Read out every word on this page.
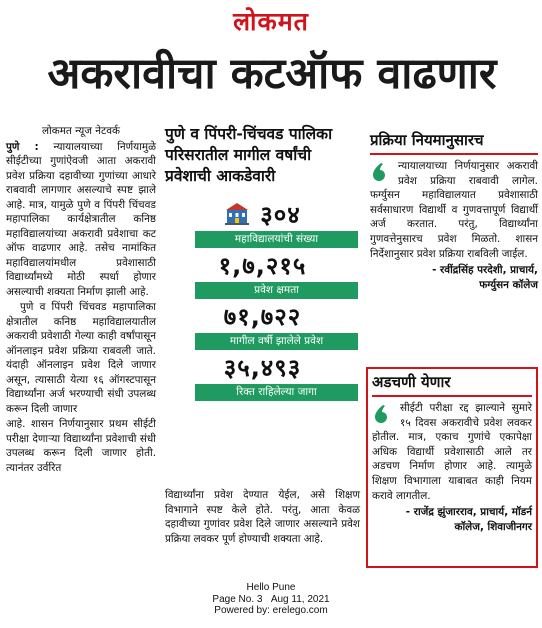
लोकमत
अकरावीचा कटऑफ वाढणार
लोकमत न्यूज नेटवर्क

पुणे : न्यायालयाच्या निर्णयामुळे सीईटीच्या गुणांऐवजी आता अकरावी प्रवेश प्रक्रिया दहावीच्या गुणांच्या आधारे राबवावी लागणार असल्याचे स्पष्ट झाले आहे. मात्र, यामुळे पुणे व पिंपरी चिंचवड महापालिका कार्यक्षेत्रातील कनिष्ठ महाविद्यालयांच्या अकरावी प्रवेशाचा कट ऑफ वाढणार आहे. तसेच नामांकित महाविद्यालयांमधील प्रवेशासाठी विद्यार्थ्यांमध्ये मोठी स्पर्धा होणार असल्याची शक्यता निर्माण झाली आहे.

पुणे व पिंपरी चिंचवड महापालिका क्षेत्रातील कनिष्ठ महाविद्यालयातील अकरावी प्रवेशाठी गेल्या काही वर्षांपासून ऑनलाइन प्रवेश प्रक्रिया राबवली जाते. यंदाही ऑनलाइन प्रवेश दिले जाणार असून, त्यासाठी येत्या १६ ऑगस्टपासून विद्यार्थ्यांना अर्ज भरण्याची संधी उपलब्ध करून दिली जाणार

आहे. शासन निर्णयानुसार प्रथम सीईटी परीक्षा देणाऱ्या विद्यार्थ्यांना प्रवेशाची संधी उपलब्ध करून दिली जाणार होती. त्यानंतर उर्वरित

पुणे व पिंपरी-चिंचवड पालिका परिसरातील मागील वर्षांची प्रवेशाची आकडेवारी
३०४
महाविद्यालयांची संख्या
१,७,२१५
प्रवेश क्षमता
७१,७२२
मागील वर्षी झालेले प्रवेश
३५,४९३
रिक्त राहिलेल्या जागा
विद्यार्थ्यांना प्रवेश देण्यात येईल, असे शिक्षण विभागाने स्पष्ट केले होते. परंतु, आता केवळ दहावीच्या गुणांवर प्रवेश दिले जाणार असल्याने प्रवेश प्रक्रिया लवकर पूर्ण होण्याची शक्यता आहे.
प्रक्रिया नियमानुसारच
न्यायालयाच्या निर्णयानुसार अकरावी प्रवेश प्रक्रिया राबवावी लागेल. फर्ग्युसन महाविद्यालयात प्रवेशासाठी सर्वसाधारण विद्यार्थी व गुणवत्तापूर्ण विद्यार्थी अर्ज करतात. परंतु, विद्यार्थ्यांना गुणवत्तेनुसारच प्रवेश मिळतो. शासन निर्देशानुसार प्रवेश प्रक्रिया राबविली जाईल.
- रवींद्रसिंह परदेशी, प्राचार्य,
फर्ग्युसन कॉलेज
अडचणी येणार
सीईटी परीक्षा रद्द झाल्याने सुमारे १५ दिवस अकरावीचे प्रवेश लवकर होतील. मात्र, एकाच गुणांचे एकापेक्षा अधिक विद्यार्थी प्रवेशासाठी आले तर अडचण निर्माण होणार आहे. त्यामुळे शिक्षण विभागाला याबाबत काही नियम करावे लागतील.
- राजेंद्र झुंजारराव, प्राचार्य, मॉडर्न
कॉलेज, शिवाजीनगर
Hello Pune
Page No. 3 Aug 11, 2021
Powered by: erelego.com
